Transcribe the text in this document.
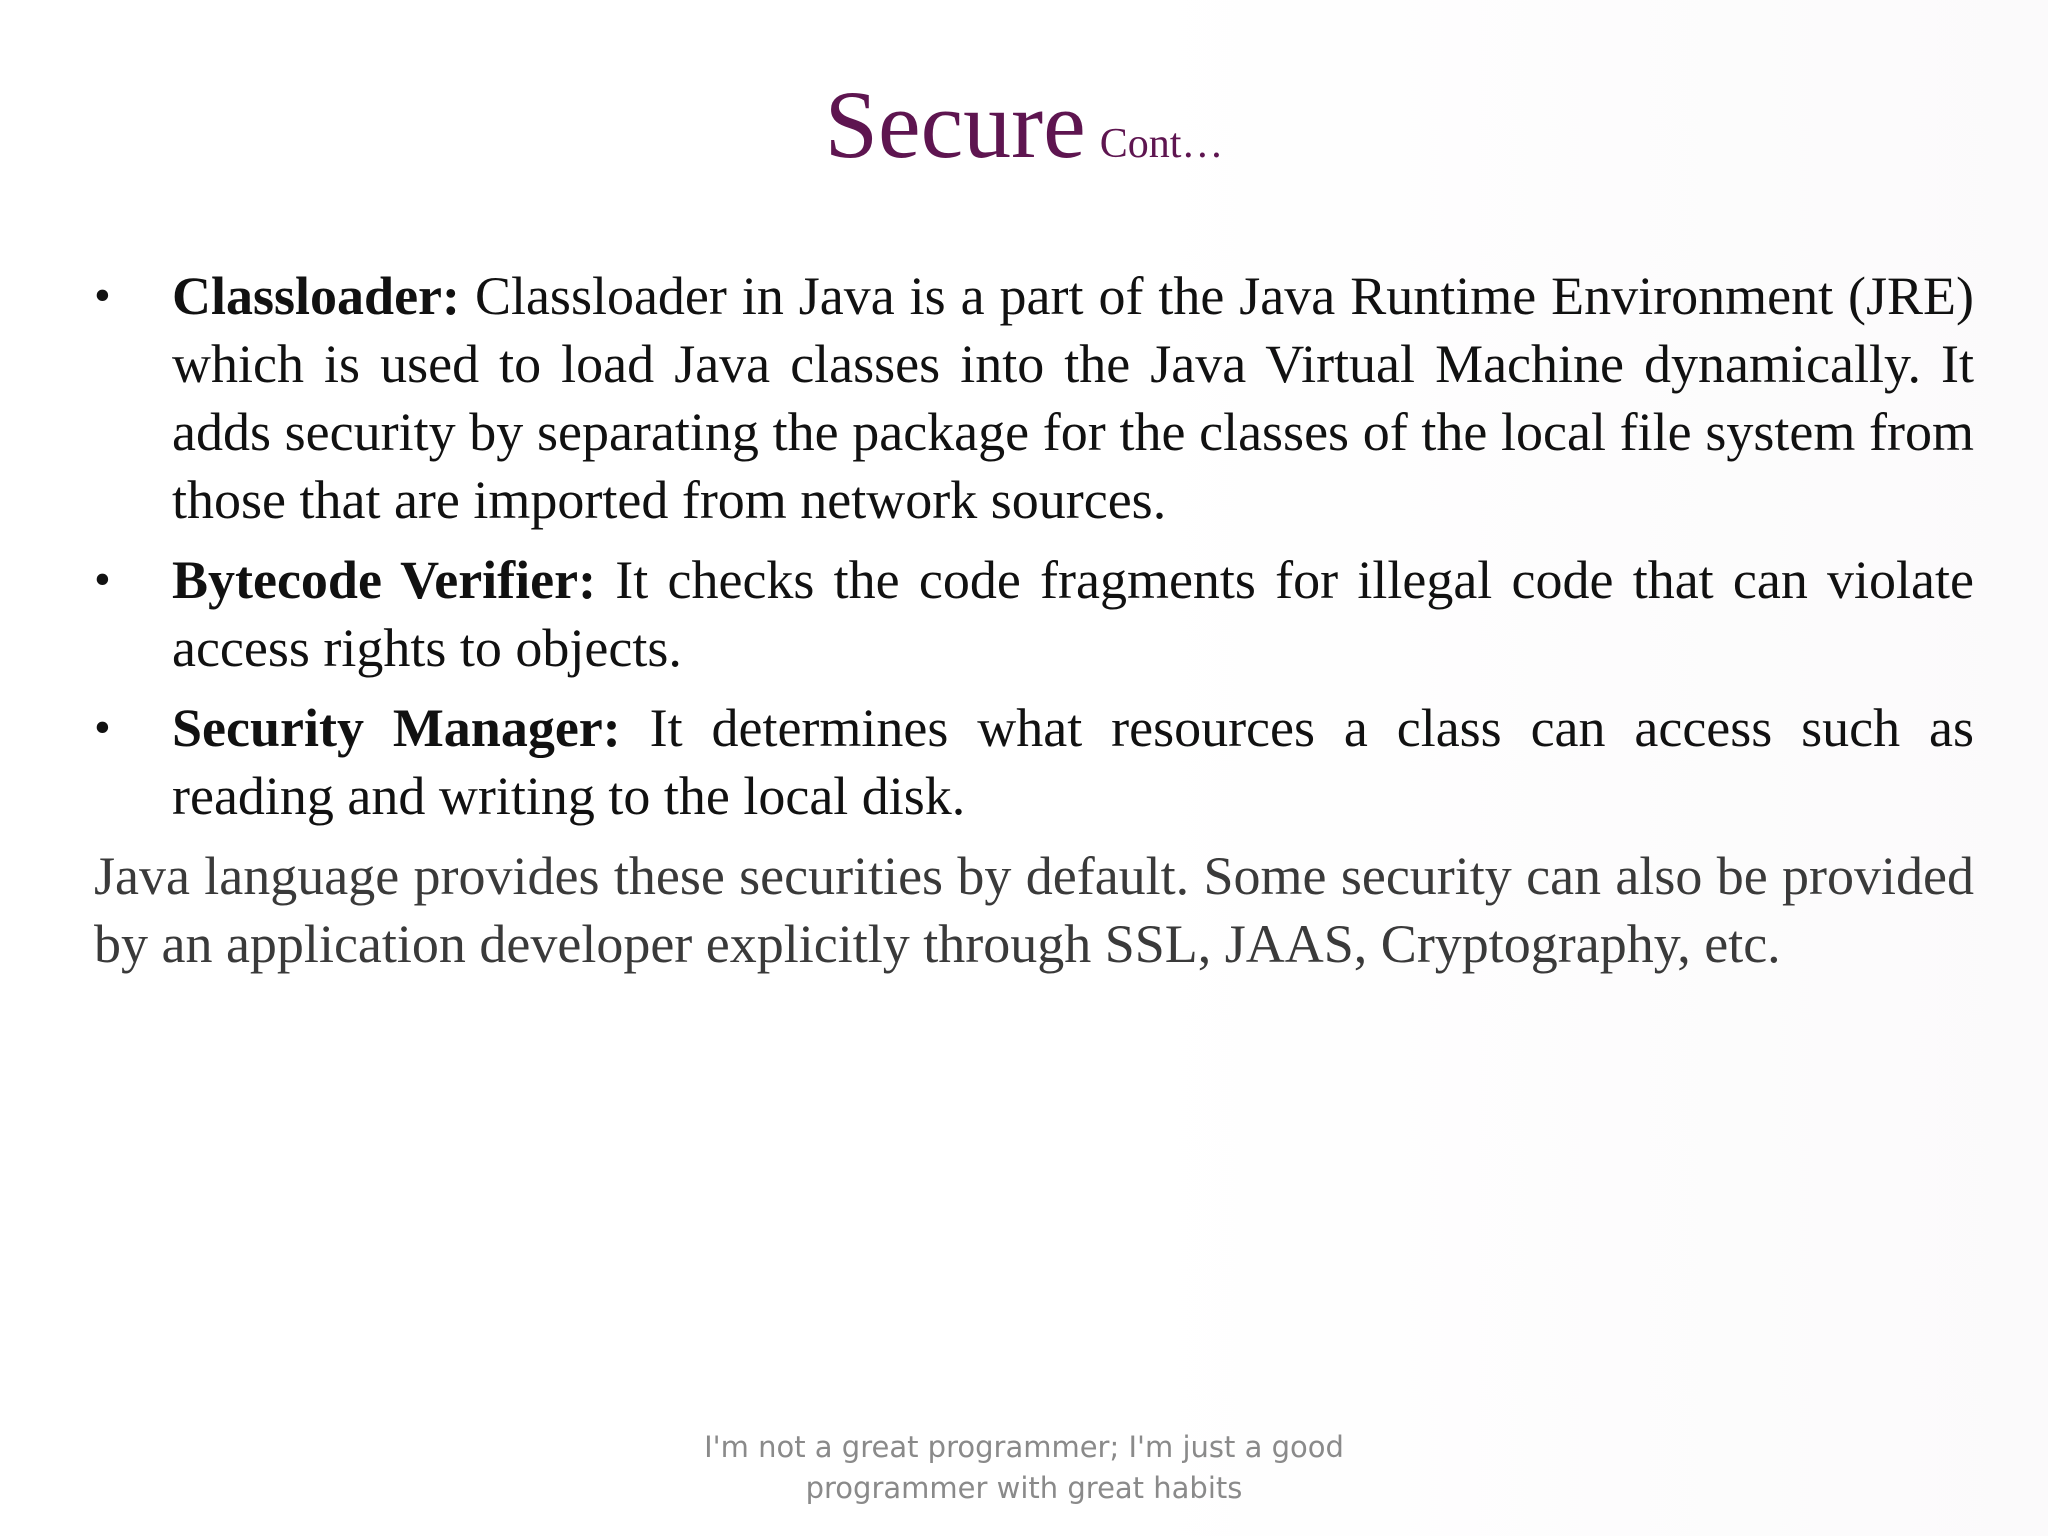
Secure Cont…
•	Classloader: Classloader in Java is a part of the Java Runtime Environment (JRE) which is used to load Java classes into the Java Virtual Machine dynamically. It adds security by separating the package for the classes of the local file system from those that are imported from network sources.
•	Bytecode Verifier: It checks the code fragments for illegal code that can violate access rights to objects.
•	Security Manager: It determines what resources a class can access such as reading and writing to the local disk.
Java language provides these securities by default. Some security can also be provided by an application developer explicitly through SSL, JAAS, Cryptography, etc.
I'm not a great programmer; I'm just a good
programmer with great habits
